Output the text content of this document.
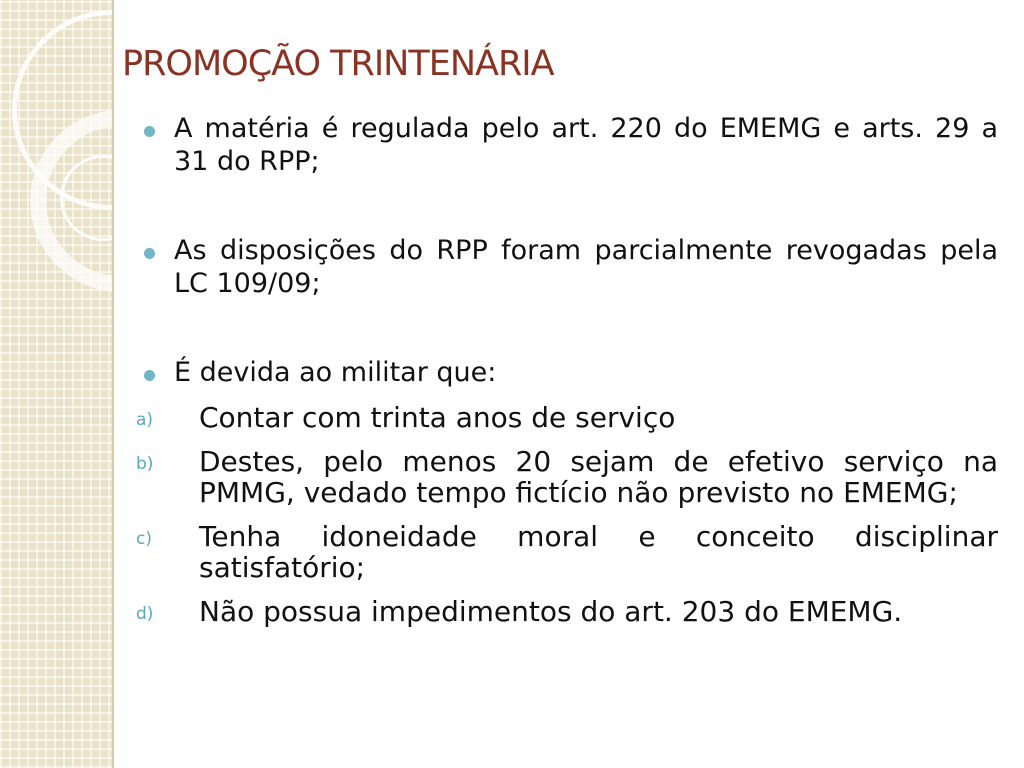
PROMOÇÃO TRINTENÁRIA
A matéria é regulada pelo art. 220 do EMEMG e arts. 29 a 31 do RPP;
As disposições do RPP foram parcialmente revogadas pela LC 109/09;
É devida ao militar que:
a) Contar com trinta anos de serviço
b) Destes, pelo menos 20 sejam de efetivo serviço na PMMG, vedado tempo fictício não previsto no EMEMG;
c) Tenha idoneidade moral e conceito disciplinar satisfatório;
d) Não possua impedimentos do art. 203 do EMEMG.
